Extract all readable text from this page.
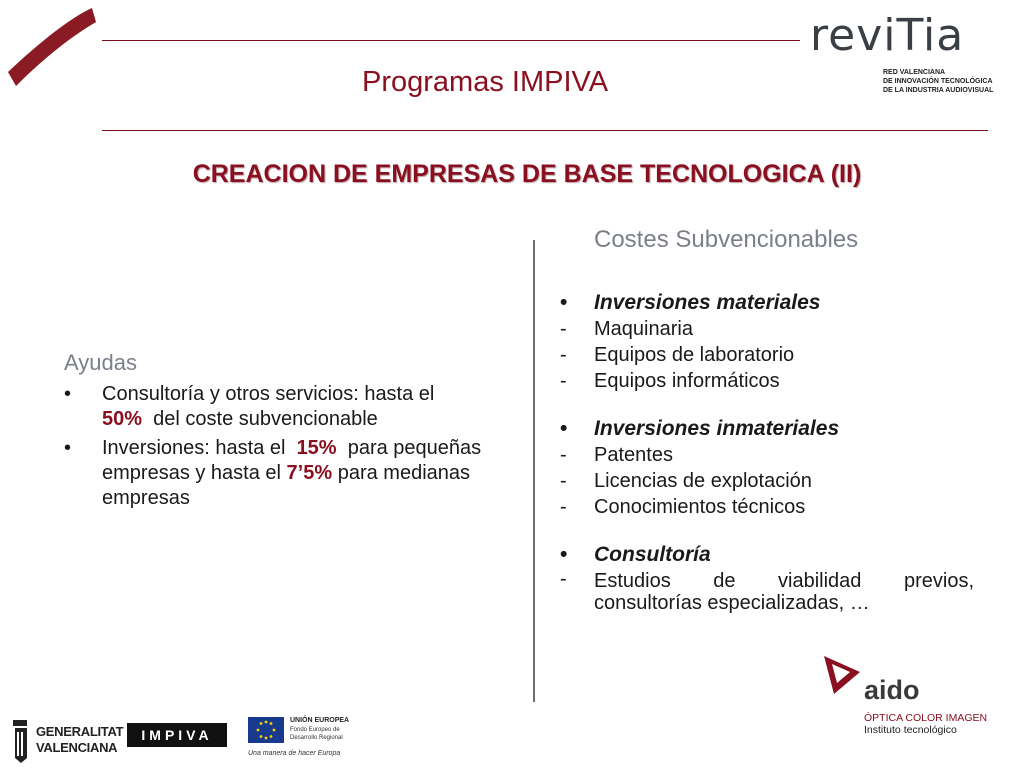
Programas IMPIVA
reviTia
RED VALENCIANA
DE INNOVACIÓN TECNOLÓGICA
DE LA INDUSTRIA AUDIOVISUAL
CREACION DE EMPRESAS DE BASE TECNOLOGICA (II)
Ayudas
• Consultoría y otros servicios: hasta el
50% del coste subvencionable
• Inversiones: hasta el 15% para pequeñas empresas y hasta el 7’5% para medianas empresas
Costes Subvencionables
• Inversiones materiales
- Maquinaria
- Equipos de laboratorio
- Equipos informáticos
• Inversiones inmateriales
- Patentes
- Licencias de explotación
- Conocimientos técnicos
• Consultoría
- Estudios de viabilidad previos, consultorías especializadas, …
aido
ÓPTICA COLOR IMAGEN
Instituto tecnológico
GENERALITAT
VALENCIANA
IMPIVA
UNIÓN EUROPEA
Fondo Europeo de Desarrollo Regional
Una manera de hacer Europa
